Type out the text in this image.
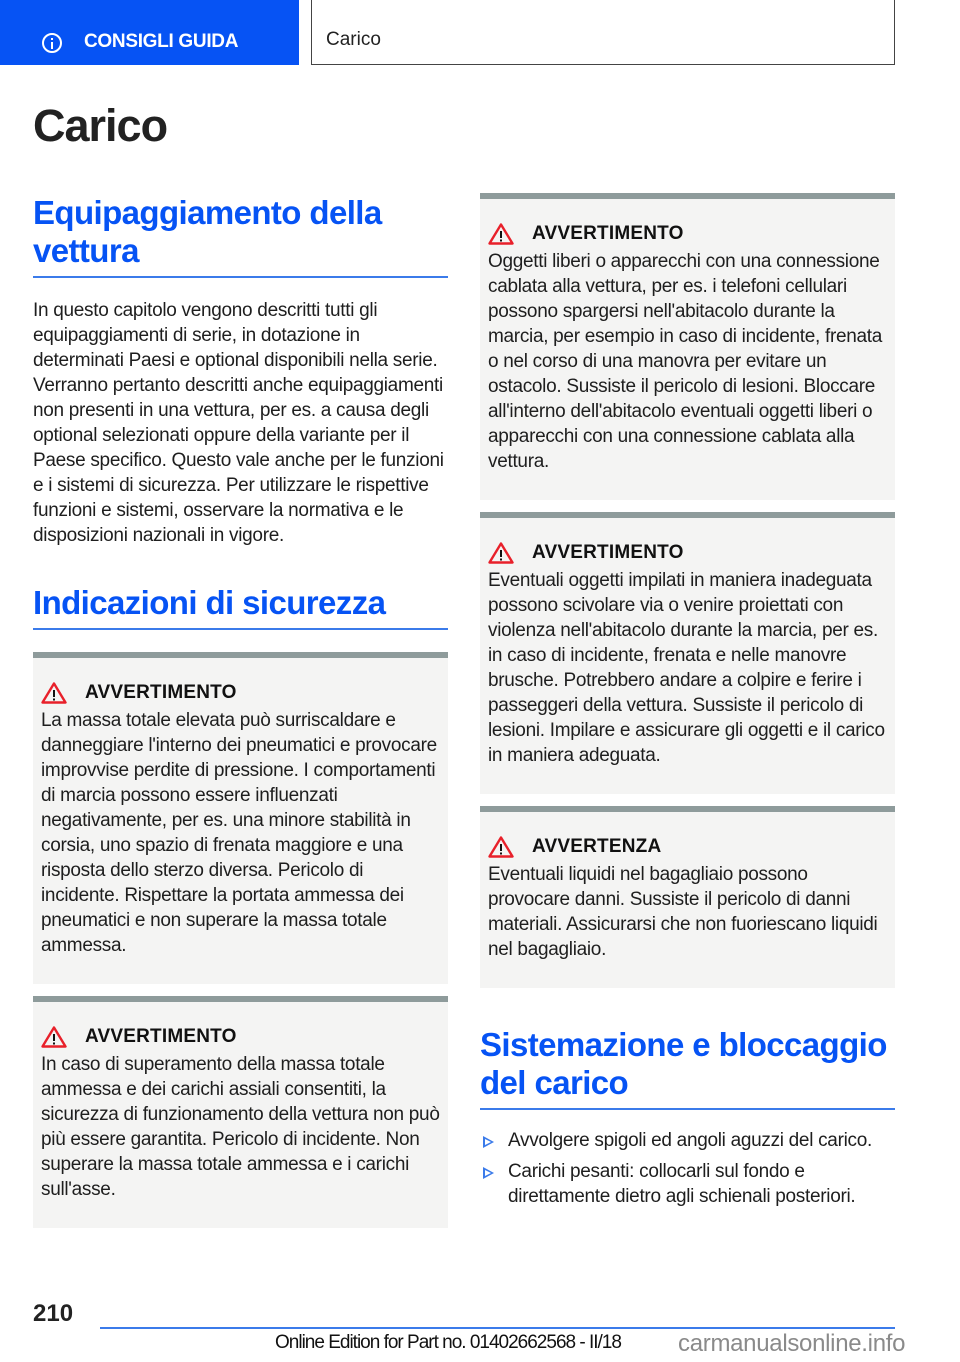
CONSIGLI GUIDA	Carico
Carico
Equipaggiamento della vettura

In questo capitolo vengono descritti tutti gli equipaggiamenti di serie, in dotazione in determinati Paesi e optional disponibili nella serie. Verranno pertanto descritti anche equipaggiamenti non presenti in una vettura, per es. a causa degli optional selezionati oppure della variante per il Paese specifico. Questo vale anche per le funzioni e i sistemi di sicurezza. Per utilizzare le rispettive funzioni e sistemi, osservare la normativa e le disposizioni nazionali in vigore.

Indicazioni di sicurezza
AVVERTIMENTO

La massa totale elevata può surriscaldare e danneggiare l'interno dei pneumatici e provocare improvvise perdite di pressione. I comportamenti di marcia possono essere influenzati negativamente, per es. una minore stabilità in corsia, uno spazio di frenata maggiore e una risposta dello sterzo diversa. Pericolo di incidente. Rispettare la portata ammessa dei pneumatici e non superare la massa totale ammessa.

AVVERTIMENTO

In caso di superamento della massa totale ammessa e dei carichi assiali consentiti, la sicurezza di funzionamento della vettura non può più essere garantita. Pericolo di incidente. Non superare la massa totale ammessa e i carichi sull'asse.

AVVERTIMENTO

Oggetti liberi o apparecchi con una connessione cablata alla vettura, per es. i telefoni cellulari possono spargersi nell'abitacolo durante la marcia, per esempio in caso di incidente, frenata o nel corso di una manovra per evitare un ostacolo. Sussiste il pericolo di lesioni. Bloccare all'interno dell'abitacolo eventuali oggetti liberi o apparecchi con una connessione cablata alla vettura.

AVVERTIMENTO

Eventuali oggetti impilati in maniera inadeguata possono scivolare via o venire proiettati con violenza nell'abitacolo durante la marcia, per es. in caso di incidente, frenata e nelle manovre brusche. Potrebbero andare a colpire e ferire i passeggeri della vettura. Sussiste il pericolo di lesioni. Impilare e assicurare gli oggetti e il carico in maniera adeguata.

AVVERTENZA

Eventuali liquidi nel bagagliaio possono provocare danni. Sussiste il pericolo di danni materiali. Assicurarsi che non fuoriescano liquidi nel bagagliaio.

Sistemazione e bloccaggio del carico
Avvolgere spigoli ed angoli aguzzi del carico.
Carichi pesanti: collocarli sul fondo e direttamente dietro agli schienali posteriori.
210
Online Edition for Part no. 01402662568 - II/18 carmanualsonline.info
